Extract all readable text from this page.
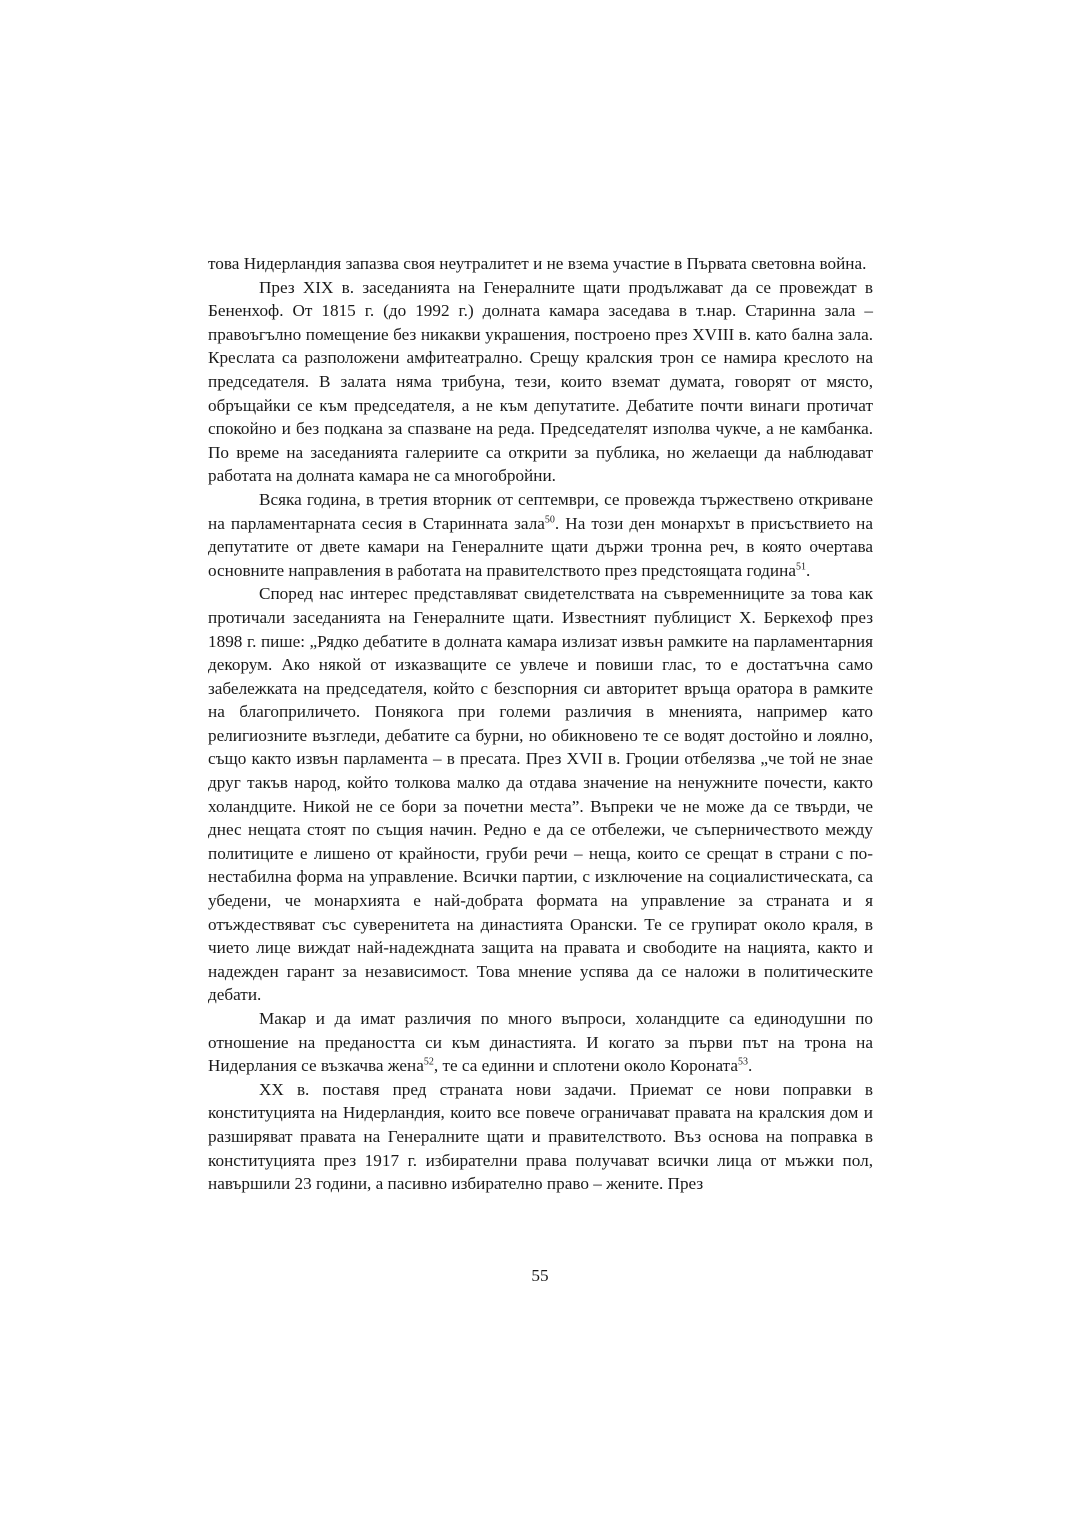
това Нидерландия запазва своя неутралитет и не взема участие в Първата световна война.

През XIX в. заседанията на Генералните щати продължават да се провеждат в Бененхоф. От 1815 г. (до 1992 г.) долната камара заседава в т.нар. Старинна зала – правоъгълно помещение без никакви украшения, построено през XVIII в. като бална зала. Креслата са разположени амфитеатрално. Срещу кралския трон се намира креслото на председателя. В залата няма трибуна, тези, които вземат думата, говорят от място, обръщайки се към председателя, а не към депутатите. Дебатите почти винаги протичат спокойно и без подкана за спазване на реда. Председателят изполва чукче, а не камбанка. По време на заседанията галериите са открити за публика, но желаещи да наблюдават работата на долната камара не са многобройни.

Всяка година, в третия вторник от септември, се провежда тържествено откриване на парламентарната сесия в Старинната зала$^{50}$. На този ден монархът в присъствието на депутатите от двете камари на Генералните щати държи тронна реч, в която очертава основните направления в работата на правителството през предстоящата година$^{51}$.

Според нас интерес представляват свидетелствата на съвременниците за това как протичали заседанията на Генералните щати. Известният публицист Х. Беркехоф през 1898 г. пише: „Рядко дебатите в долната камара излизат извън рамките на парламентарния декорум. Ако някой от изказващите се увлече и повиши глас, то е достатъчна само забележката на председателя, който с безспорния си авторитет връща оратора в рамките на благоприличето. Понякога при големи различия в мненията, например като религиозните възгледи, дебатите са бурни, но обикновено те се водят достойно и лоялно, също както извън парламента – в пресата. През XVII в. Гроции отбелязва „че той не знае друг такъв народ, който толкова малко да отдава значение на ненужните почести, както холандците. Никой не се бори за почетни места”. Въпреки че не може да се твърди, че днес нещата стоят по същия начин. Редно е да се отбележи, че съперничеството между политиците е лишено от крайности, груби речи – неща, които се срещат в страни с по-нестабилна форма на управление. Всички партии, с изключение на социалистическата, са убедени, че монархията е най-добрата формата на управление за страната и я отъждествяват със суверенитета на династията Орански. Те се групират около краля, в чието лице виждат най-надеждната защита на правата и свободите на нацията, както и надежден гарант за независимост. Това мнение успява да се наложи в политическите дебати.

Макар и да имат различия по много въпроси, холандците са единодушни по отношение на предаността си към династията. И когато за първи път на трона на Нидерлания се възкачва жена$^{52}$, те са единни и сплотени около Короната$^{53}$.

XX в. поставя пред страната нови задачи. Приемат се нови поправки в конституцията на Нидерландия, които все повече ограничават правата на кралския дом и разширяват правата на Генералните щати и правителството. Въз основа на поправка в конституцията през 1917 г. избирателни права получават всички лица от мъжки пол, навършили 23 години, а пасивно избирателно право – жените. През

55
